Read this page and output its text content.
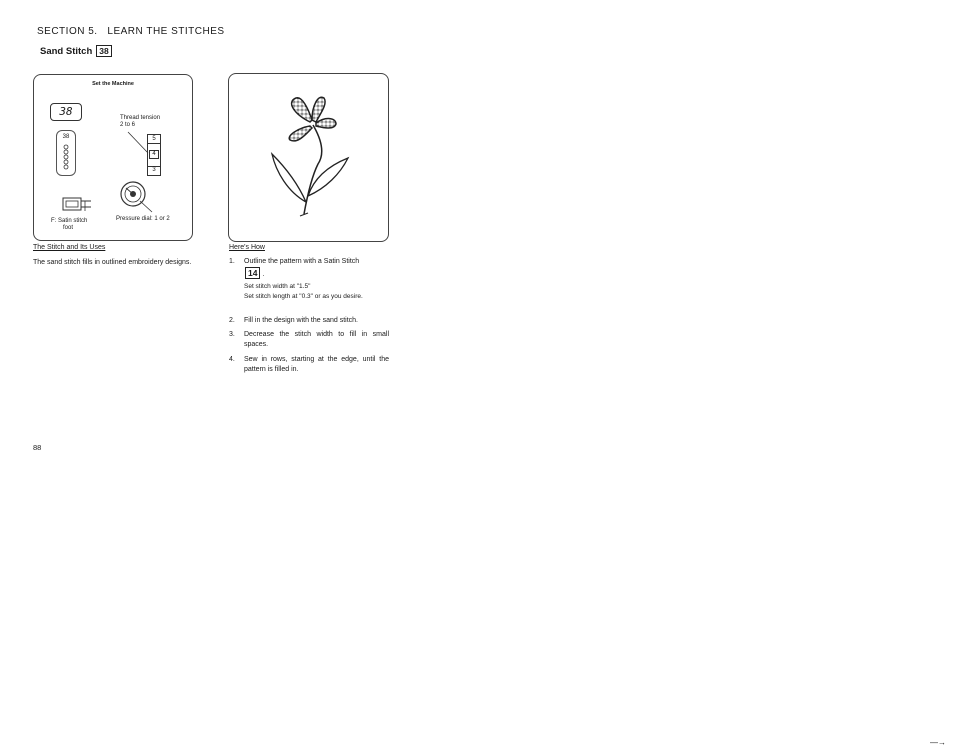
SECTION 5.   LEARN THE STITCHES
Sand Stitch 38
Set the Machine
38
38
Thread tension
2 to 6
5
4
3
F: Satin stitch
foot
Pressure dial: 1 or 2
The Stitch and Its Uses
The sand stitch fills in outlined embroidery designs.
Here's How
1. Outline the pattern with a Satin Stitch
14 .
Set stitch width at "1.5"
Set stitch length at "0.3" or as you desire.
2. Fill in the design with the sand stitch.
3. Decrease the stitch width to fill in small spaces.
4. Sew in rows, starting at the edge, until the pattern is filled in.
88
—→
